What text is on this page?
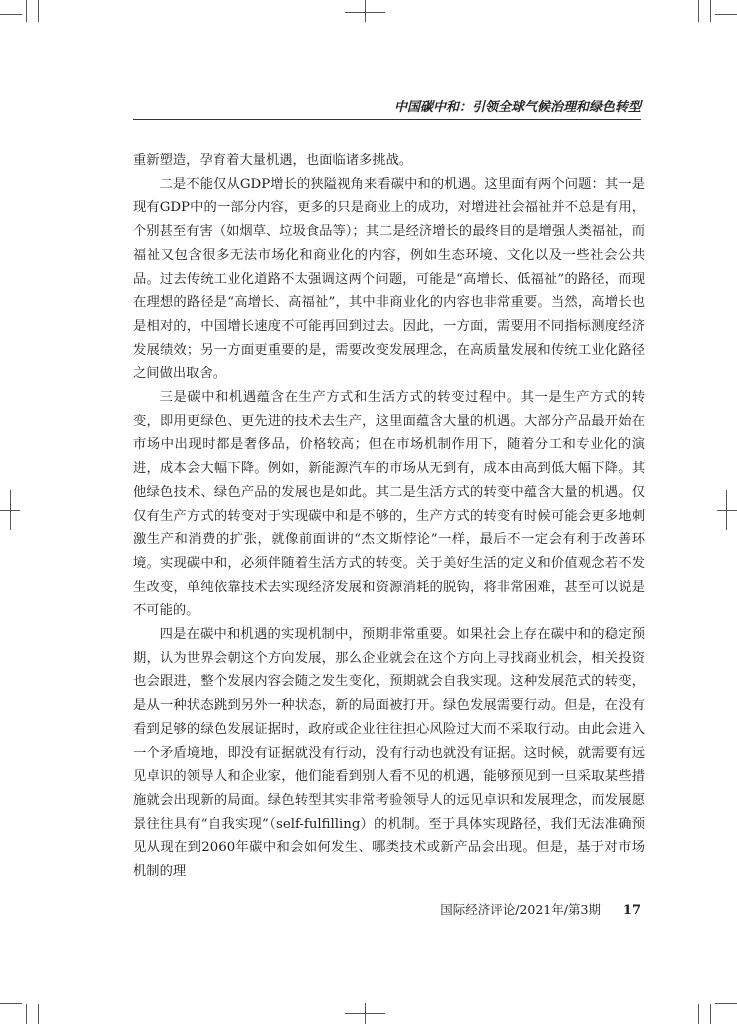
中国碳中和：引领全球气候治理和绿色转型

重新塑造，孕育着大量机遇，也面临诸多挑战。

二是不能仅从GDP增长的狭隘视角来看碳中和的机遇。这里面有两个问题：其一是现有GDP中的一部分内容，更多的只是商业上的成功，对增进社会福祉并不总是有用，个别甚至有害（如烟草、垃圾食品等）；其二是经济增长的最终目的是增强人类福祉，而福祉又包含很多无法市场化和商业化的内容，例如生态环境、文化以及一些社会公共品。过去传统工业化道路不太强调这两个问题，可能是“高增长、低福祉”的路径，而现在理想的路径是“高增长、高福祉”，其中非商业化的内容也非常重要。当然，高增长也是相对的，中国增长速度不可能再回到过去。因此，一方面，需要用不同指标测度经济发展绩效；另一方面更重要的是，需要改变发展理念，在高质量发展和传统工业化路径之间做出取舍。

三是碳中和机遇蕴含在生产方式和生活方式的转变过程中。其一是生产方式的转变，即用更绿色、更先进的技术去生产，这里面蕴含大量的机遇。大部分产品最开始在市场中出现时都是奢侈品，价格较高；但在市场机制作用下，随着分工和专业化的演进，成本会大幅下降。例如，新能源汽车的市场从无到有，成本由高到低大幅下降。其他绿色技术、绿色产品的发展也是如此。其二是生活方式的转变中蕴含大量的机遇。仅仅有生产方式的转变对于实现碳中和是不够的，生产方式的转变有时候可能会更多地刺激生产和消费的扩张，就像前面讲的“杰文斯悖论”一样，最后不一定会有利于改善环境。实现碳中和，必须伴随着生活方式的转变。关于美好生活的定义和价值观念若不发生改变，单纯依靠技术去实现经济发展和资源消耗的脱钩，将非常困难，甚至可以说是不可能的。

四是在碳中和机遇的实现机制中，预期非常重要。如果社会上存在碳中和的稳定预期，认为世界会朝这个方向发展，那么企业就会在这个方向上寻找商业机会，相关投资也会跟进，整个发展内容会随之发生变化，预期就会自我实现。这种发展范式的转变，是从一种状态跳到另外一种状态，新的局面被打开。绿色发展需要行动。但是，在没有看到足够的绿色发展证据时，政府或企业往往担心风险过大而不采取行动。由此会进入一个矛盾境地，即没有证据就没有行动，没有行动也就没有证据。这时候，就需要有远见卓识的领导人和企业家，他们能看到别人看不见的机遇，能够预见到一旦采取某些措施就会出现新的局面。绿色转型其实非常考验领导人的远见卓识和发展理念，而发展愿景往往具有“自我实现”（self-fulfilling）的机制。至于具体实现路径，我们无法准确预见从现在到2060年碳中和会如何发生、哪类技术或新产品会出现。但是，基于对市场机制的理

国际经济评论/2021年/第3期 17
